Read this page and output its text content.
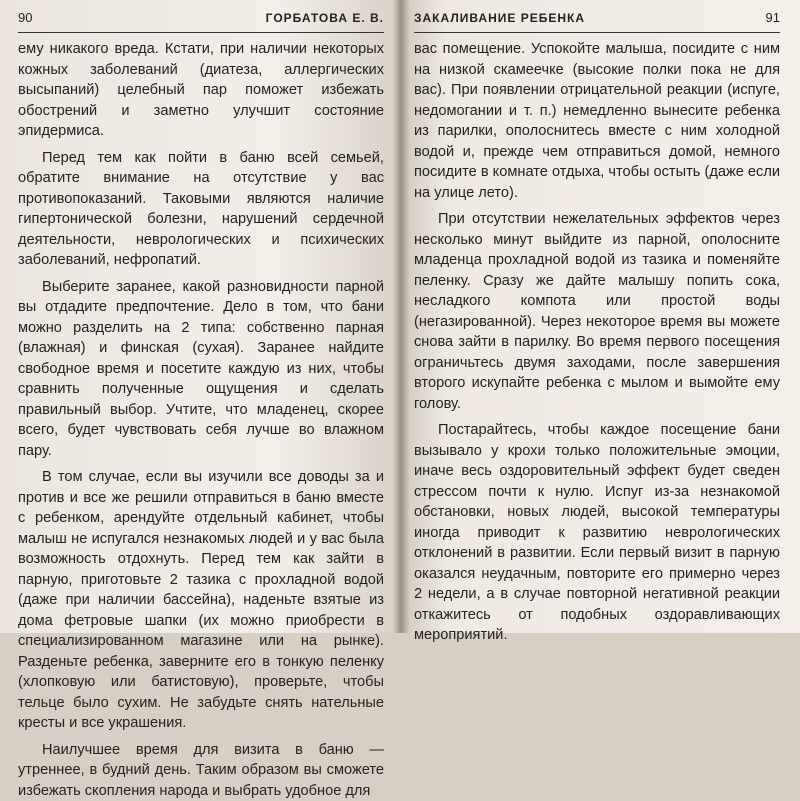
90	ГОРБАТОВА Е. В.

ему никакого вреда. Кстати, при наличии некоторых кожных заболеваний (диатеза, аллергических высыпаний) целебный пар поможет избежать обострений и заметно улучшит состояние эпидермиса.

Перед тем как пойти в баню всей семьей, обратите внимание на отсутствие у вас противопоказаний. Таковыми являются наличие гипертонической болезни, нарушений сердечной деятельности, неврологических и психических заболеваний, нефропатий.

Выберите заранее, какой разновидности парной вы отдадите предпочтение. Дело в том, что бани можно разделить на 2 типа: собственно парная (влажная) и финская (сухая). Заранее найдите свободное время и посетите каждую из них, чтобы сравнить полученные ощущения и сделать правильный выбор. Учтите, что младенец, скорее всего, будет чувствовать себя лучше во влажном пару.

В том случае, если вы изучили все доводы за и против и все же решили отправиться в баню вместе с ребенком, арендуйте отдельный кабинет, чтобы малыш не испугался незнакомых людей и у вас была возможность отдохнуть. Перед тем как зайти в парную, приготовьте 2 тазика с прохладной водой (даже при наличии бассейна), наденьте взятые из дома фетровые шапки (их можно приобрести в специализированном магазине или на рынке). Разденьте ребенка, заверните его в тонкую пеленку (хлопковую или батистовую), проверьте, чтобы тельце было сухим. Не забудьте снять нательные кресты и все украшения.

Наилучшее время для визита в баню — утреннее, в будний день. Таким образом вы сможете избежать скопления народа и выбрать удобное для

ЗАКАЛИВАНИЕ РЕБЕНКА	91

вас помещение. Успокойте малыша, посидите с ним на низкой скамеечке (высокие полки пока не для вас). При появлении отрицательной реакции (испуге, недомогании и т. п.) немедленно вынесите ребенка из парилки, ополоснитесь вместе с ним холодной водой и, прежде чем отправиться домой, немного посидите в комнате отдыха, чтобы остыть (даже если на улице лето).

При отсутствии нежелательных эффектов через несколько минут выйдите из парной, ополосните младенца прохладной водой из тазика и поменяйте пеленку. Сразу же дайте малышу попить сока, несладкого компота или простой воды (негазированной). Через некоторое время вы можете снова зайти в парилку. Во время первого посещения ограничьтесь двумя заходами, после завершения второго искупайте ребенка с мылом и вымойте ему голову.

Постарайтесь, чтобы каждое посещение бани вызывало у крохи только положительные эмоции, иначе весь оздоровительный эффект будет сведен стрессом почти к нулю. Испуг из-за незнакомой обстановки, новых людей, высокой температуры иногда приводит к развитию неврологических отклонений в развитии. Если первый визит в парную оказался неудачным, повторите его примерно через 2 недели, а в случае повторной негативной реакции откажитесь от подобных оздоравливающих мероприятий.
